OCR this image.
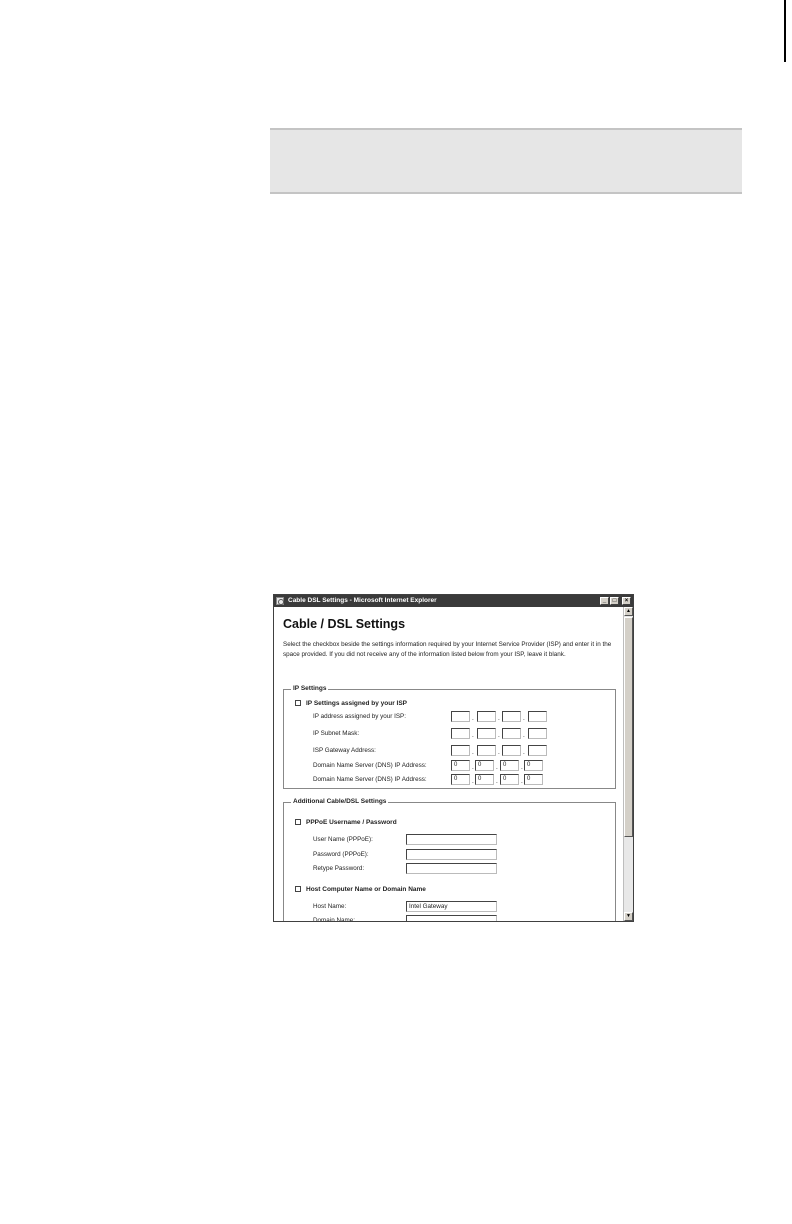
Cable DSL Settings - Microsoft Internet Explorer	_	□	×
▲
▼
Cable / DSL Settings
Select the checkbox beside the settings information required by your Internet Service Provider (ISP) and enter it in the space provided. If you did not receive any of the information listed below from your ISP, leave it blank.
IP Settings
IP Settings assigned by your ISP
IP address assigned by your ISP:	.	.	.
IP Subnet Mask:	.	.	.
ISP Gateway Address:	.	.	.
Domain Name Server (DNS) IP Address:	0	. 0	. 0	. 0
Domain Name Server (DNS) IP Address:	0	. 0	. 0	. 0
Additional Cable/DSL Settings
PPPoE Username / Password
User Name (PPPoE):
Password (PPPoE):
Retype Password:
Host Computer Name or Domain Name
Host Name:	Intel Gateway
Domain Name:
